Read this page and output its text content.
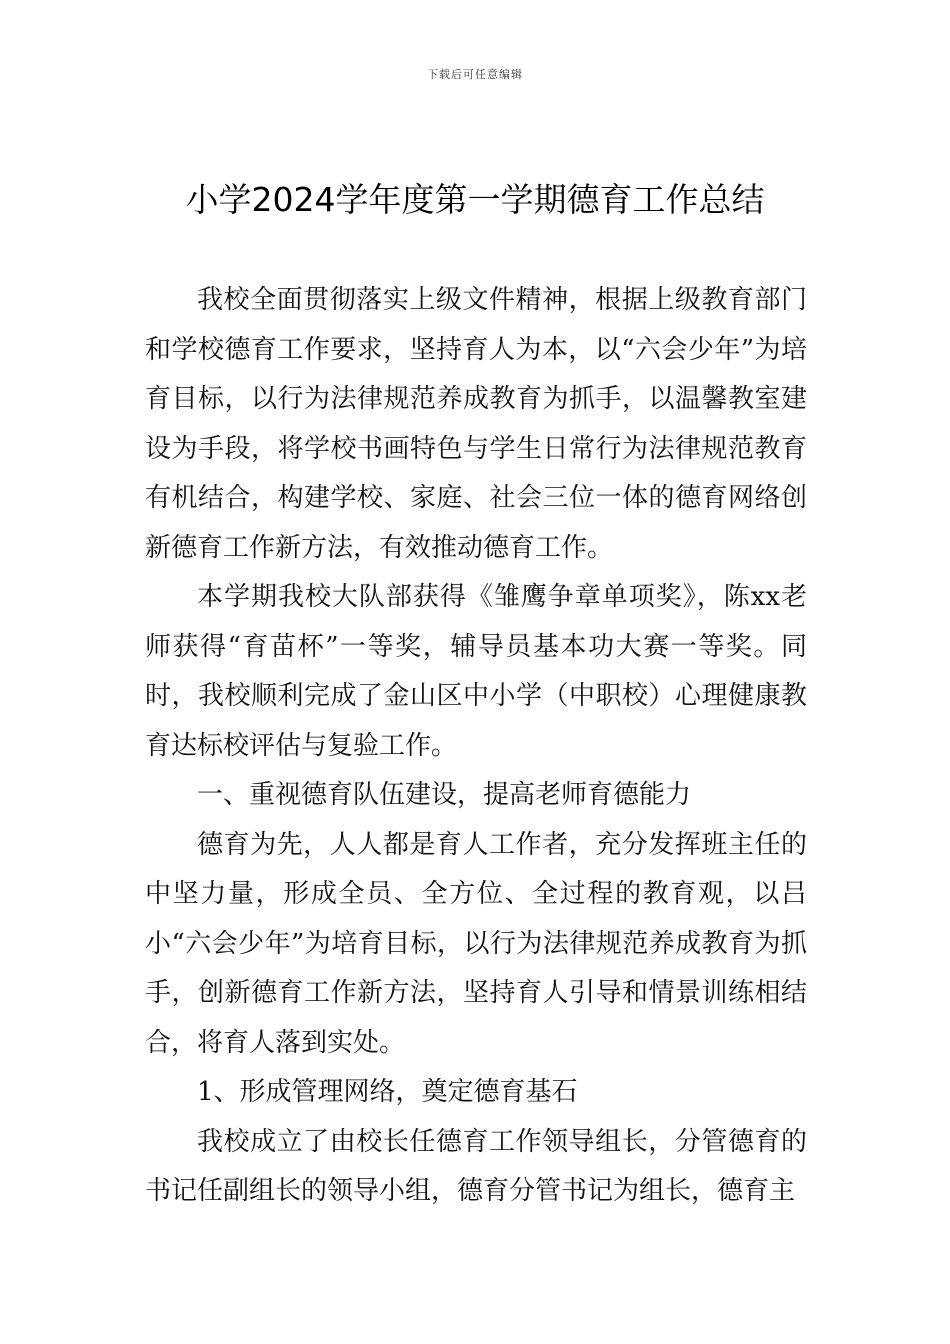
下载后可任意编辑
小学2024学年度第一学期德育工作总结

我校全面贯彻落实上级文件精神，根据上级教育部门和学校德育工作要求，坚持育人为本，以“六会少年”为培育目标，以行为法律规范养成教育为抓手，以温馨教室建设为手段，将学校书画特色与学生日常行为法律规范教育有机结合，构建学校、家庭、社会三位一体的德育网络创新德育工作新方法，有效推动德育工作。

本学期我校大队部获得《雏鹰争章单项奖》，陈xx老师获得“育苗杯”一等奖，辅导员基本功大赛一等奖。同时，我校顺利完成了金山区中小学（中职校）心理健康教育达标校评估与复验工作。

一、重视德育队伍建设，提高老师育德能力

德育为先，人人都是育人工作者，充分发挥班主任的中坚力量，形成全员、全方位、全过程的教育观，以吕小“六会少年”为培育目标，以行为法律规范养成教育为抓手，创新德育工作新方法，坚持育人引导和情景训练相结合，将育人落到实处。

1、形成管理网络，奠定德育基石

我校成立了由校长任德育工作领导组长，分管德育的书记任副组长的领导小组，德育分管书记为组长，德育主
